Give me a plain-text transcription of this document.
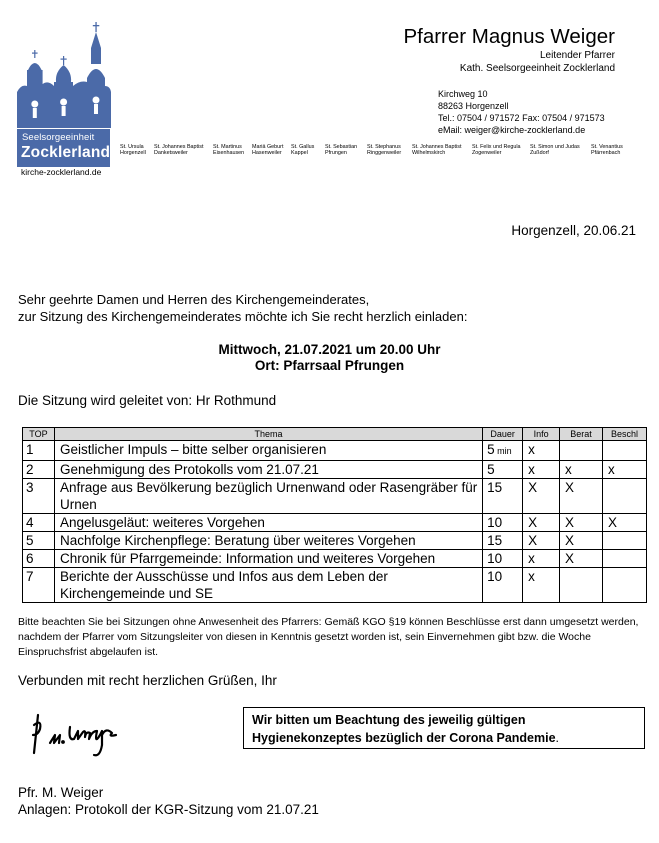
Seelsorgeeinheit
Zocklerland
kirche-zocklerland.de
St. Ursula
Horgenzell
St. Johannes Baptist
Danketsweiler
St. Martinus
Eisenhausen
Mariä Geburt
Hasenweiler
St. Gallus
Kappel
St. Sebastian
Pfrungen
St. Stephanus
Ringgenweiler
St. Johannes Baptist
Wilhelmskirch
St. Felix und Regula
Zogenweiler
St. Simon und Judas
Zußdorf
St. Venantius
Pfärrenbach
Pfarrer Magnus Weiger
Leitender Pfarrer
Kath. Seelsorgeeinheit Zocklerland
Kirchweg 10
88263 Horgenzell
Tel.: 07504 / 971572 Fax: 07504 / 971573
eMail: weiger@kirche-zocklerland.de
Horgenzell, 20.06.21
Sehr geehrte Damen und Herren des Kirchengemeinderates,
zur Sitzung des Kirchengemeinderates möchte ich Sie recht herzlich einladen:
Mittwoch, 21.07.2021 um 20.00 Uhr
Ort: Pfarrsaal Pfrungen
Die Sitzung wird geleitet von: Hr Rothmund
TOP	Thema	Dauer	Info	Berat	Beschl
1	Geistlicher Impuls – bitte selber organisieren	5 min	x		
2	Genehmigung des Protokolls vom 21.07.21	5	x	x	x
3	Anfrage aus Bevölkerung bezüglich Urnenwand oder Rasengräber für Urnen	15	X	X	
4	Angelusgeläut: weiteres Vorgehen	10	X	X	X
5	Nachfolge Kirchenpflege: Beratung über weiteres Vorgehen	15	X	X	
6	Chronik für Pfarrgemeinde: Information und weiteres Vorgehen	10	x	X	
7	Berichte der Ausschüsse und Infos aus dem Leben der Kirchengemeinde und SE	10	x		
Bitte beachten Sie bei Sitzungen ohne Anwesenheit des Pfarrers: Gemäß KGO §19 können Beschlüsse erst dann umgesetzt werden, nachdem der Pfarrer vom Sitzungsleiter von diesen in Kenntnis gesetzt worden ist, sein Einvernehmen gibt bzw. die Woche Einspruchsfrist abgelaufen ist.
Verbunden mit recht herzlichen Grüßen, Ihr
Wir bitten um Beachtung des jeweilig gültigen Hygienekonzeptes bezüglich der Corona Pandemie.
Pfr. M. Weiger
Anlagen: Protokoll der KGR-Sitzung vom 21.07.21
